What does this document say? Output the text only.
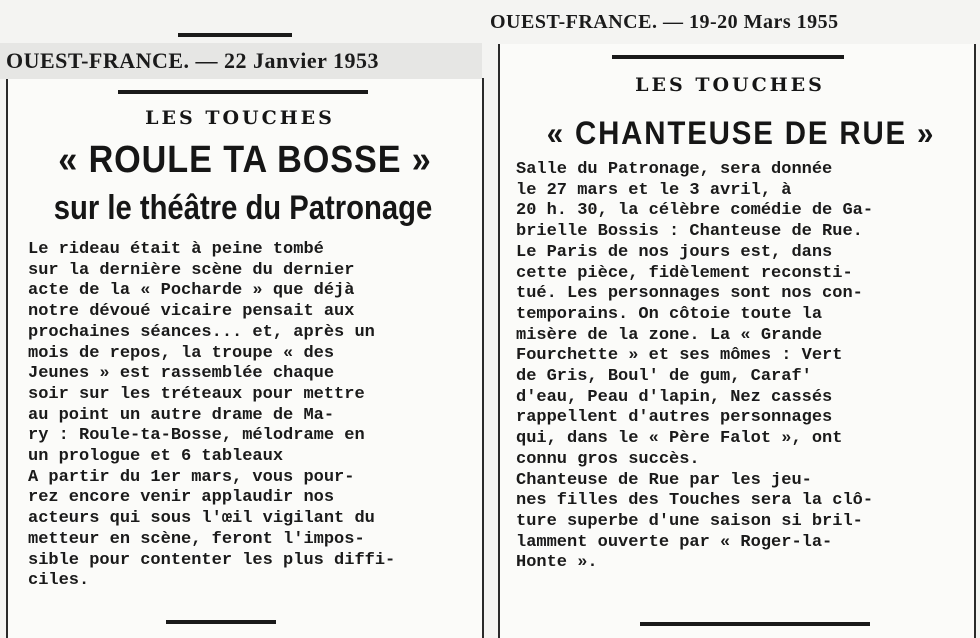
OUEST-FRANCE. — 19-20 Mars 1955
OUEST-FRANCE. — 22 Janvier 1953
LES TOUCHES
« ROULE TA BOSSE »
sur le théâtre du Patronage
Le rideau était à peine tombé
sur la dernière scène du dernier
acte de la « Pocharde » que déjà
notre dévoué vicaire pensait aux
prochaines séances... et, après un
mois de repos, la troupe « des
Jeunes » est rassemblée chaque
soir sur les tréteaux pour mettre
au point un autre drame de Ma-
ry : Roule-ta-Bosse, mélodrame en
un prologue et 6 tableaux
A partir du 1er mars, vous pour-
rez encore venir applaudir nos
acteurs qui sous l'œil vigilant du
metteur en scène, feront l'impos-
sible pour contenter les plus diffi-
ciles.
LES TOUCHES
« CHANTEUSE DE RUE »
Salle du Patronage, sera donnée
le 27 mars et le 3 avril, à
20 h. 30, la célèbre comédie de Ga-
brielle Bossis : Chanteuse de Rue.
Le Paris de nos jours est, dans
cette pièce, fidèlement reconsti-
tué. Les personnages sont nos con-
temporains. On côtoie toute la
misère de la zone. La « Grande
Fourchette » et ses mômes : Vert
de Gris, Boul' de gum, Caraf'
d'eau, Peau d'lapin, Nez cassés
rappellent d'autres personnages
qui, dans le « Père Falot », ont
connu gros succès.
Chanteuse de Rue par les jeu-
nes filles des Touches sera la clô-
ture superbe d'une saison si bril-
lamment ouverte par « Roger-la-
Honte ».
